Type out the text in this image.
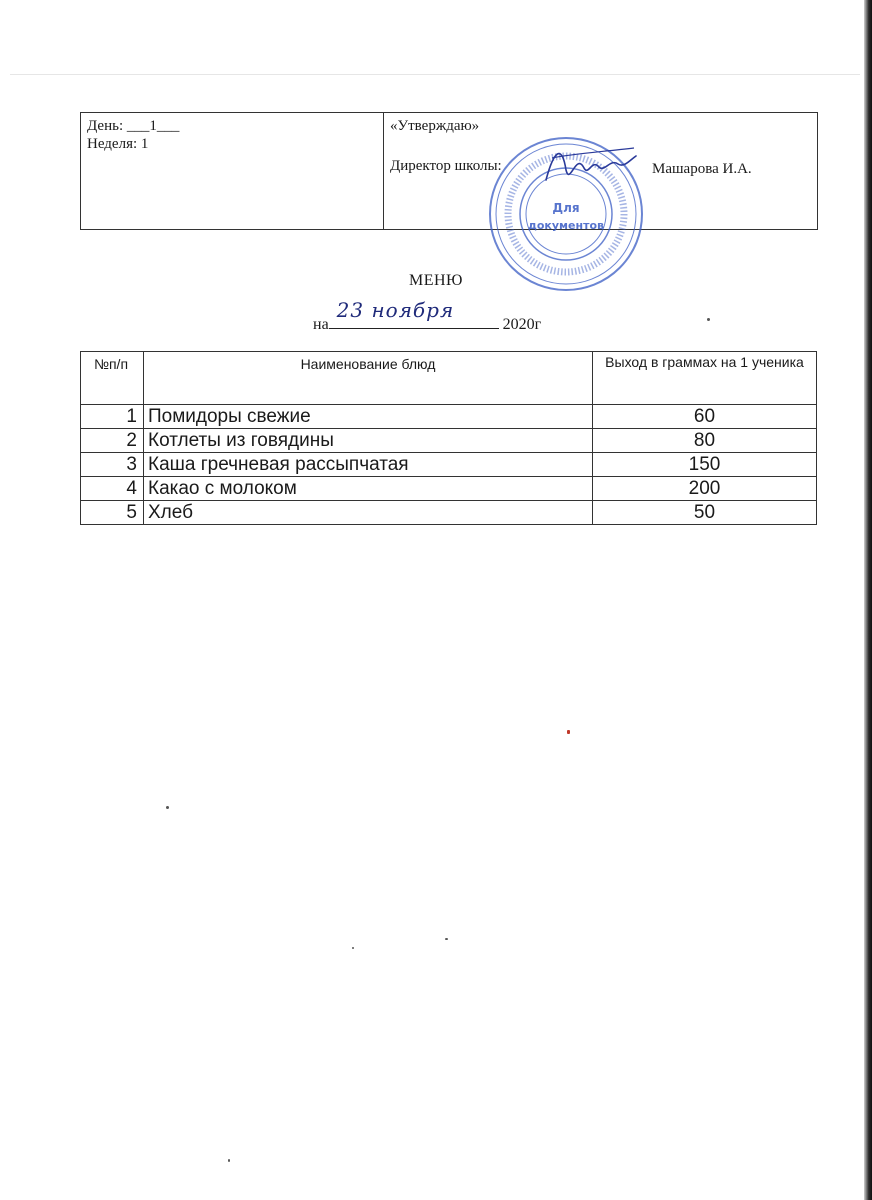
День: ___1___
Неделя: 1

«Утверждаю»
Директор школы:	Машарова И.А.
Для
документов
МЕНЮ
на
23 ноября
2020г
№п/п	Наименование блюд	Выход в граммах на 1 ученика
1	Помидоры свежие	60
2	Котлеты из говядины	80
3	Каша гречневая рассыпчатая	150
4	Какао с молоком	200
5	Хлеб	50
